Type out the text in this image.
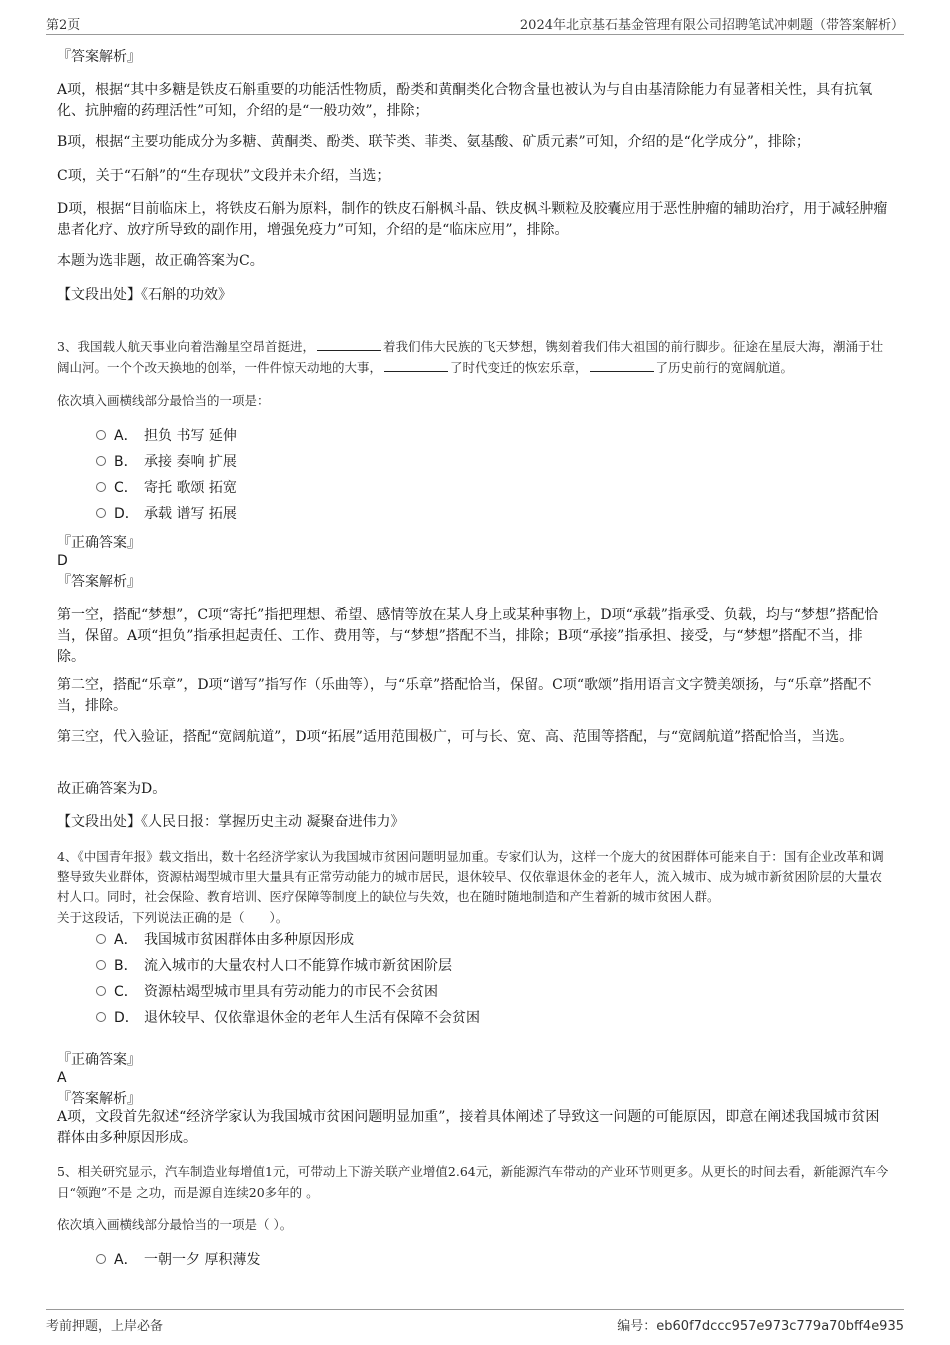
第2页	2024年北京基石基金管理有限公司招聘笔试冲刺题（带答案解析）
『答案解析』
A项，根据“其中多糖是铁皮石斛重要的功能活性物质，酚类和黄酮类化合物含量也被认为与自由基清除能力有显著相关性，具有抗氧化、抗肿瘤的药理活性”可知，介绍的是“一般功效”，排除；
B项，根据“主要功能成分为多糖、黄酮类、酚类、联苄类、菲类、氨基酸、矿质元素”可知，介绍的是“化学成分”，排除；
C项，关于“石斛”的“生存现状”文段并未介绍，当选；
D项，根据“目前临床上，将铁皮石斛为原料，制作的铁皮石斛枫斗晶、铁皮枫斗颗粒及胶囊应用于恶性肿瘤的辅助治疗，用于减轻肿瘤患者化疗、放疗所导致的副作用，增强免疫力”可知，介绍的是“临床应用”，排除。
本题为选非题，故正确答案为C。
【文段出处】《石斛的功效》
3、我国载人航天事业向着浩瀚星空昂首挺进，	着我们伟大民族的飞天梦想，镌刻着我们伟大祖国的前行脚步。征途在星辰大海，潮涌于壮阔山河。一个个改天换地的创举，一件件惊天动地的大事，	了时代变迁的恢宏乐章，	了历史前行的宽阔航道。
依次填入画横线部分最恰当的一项是：
A． 担负 书写 延伸
B． 承接 奏响 扩展
C． 寄托 歌颂 拓宽
D． 承载 谱写 拓展
『正确答案』
D
『答案解析』
第一空，搭配“梦想”，C项“寄托”指把理想、希望、感情等放在某人身上或某种事物上，D项“承载”指承受、负载，均与“梦想”搭配恰当，保留。A项“担负”指承担起责任、工作、费用等，与“梦想”搭配不当，排除；B项“承接”指承担、接受，与“梦想”搭配不当，排除。
第二空，搭配“乐章”，D项“谱写”指写作（乐曲等），与“乐章”搭配恰当，保留。C项“歌颂”指用语言文字赞美颂扬，与“乐章”搭配不当，排除。
第三空，代入验证，搭配“宽阔航道”，D项“拓展”适用范围极广，可与长、宽、高、范围等搭配，与“宽阔航道”搭配恰当，当选。
故正确答案为D。
【文段出处】《人民日报：掌握历史主动 凝聚奋进伟力》
4、《中国青年报》载文指出，数十名经济学家认为我国城市贫困问题明显加重。专家们认为，这样一个庞大的贫困群体可能来自于：国有企业改革和调整导致失业群体，资源枯竭型城市里大量具有正常劳动能力的城市居民，退休较早、仅依靠退休金的老年人，流入城市、成为城市新贫困阶层的大量农村人口。同时，社会保险、教育培训、医疗保障等制度上的缺位与失效，也在随时随地制造和产生着新的城市贫困人群。
关于这段话，下列说法正确的是（　　）。
A． 我国城市贫困群体由多种原因形成
B． 流入城市的大量农村人口不能算作城市新贫困阶层
C． 资源枯竭型城市里具有劳动能力的市民不会贫困
D． 退休较早、仅依靠退休金的老年人生活有保障不会贫困
『正确答案』
A
『答案解析』
A项，文段首先叙述“经济学家认为我国城市贫困问题明显加重”，接着具体阐述了导致这一问题的可能原因，即意在阐述我国城市贫困群体由多种原因形成。
5、相关研究显示，汽车制造业每增值1元，可带动上下游关联产业增值2.64元，新能源汽车带动的产业环节则更多。从更长的时间去看，新能源汽车今日“领跑”不是 之功，而是源自连续20多年的 。
依次填入画横线部分最恰当的一项是（ ）。
A． 一朝一夕 厚积薄发
考前押题，上岸必备	编号：eb60f7dccc957e973c779a70bff4e935
